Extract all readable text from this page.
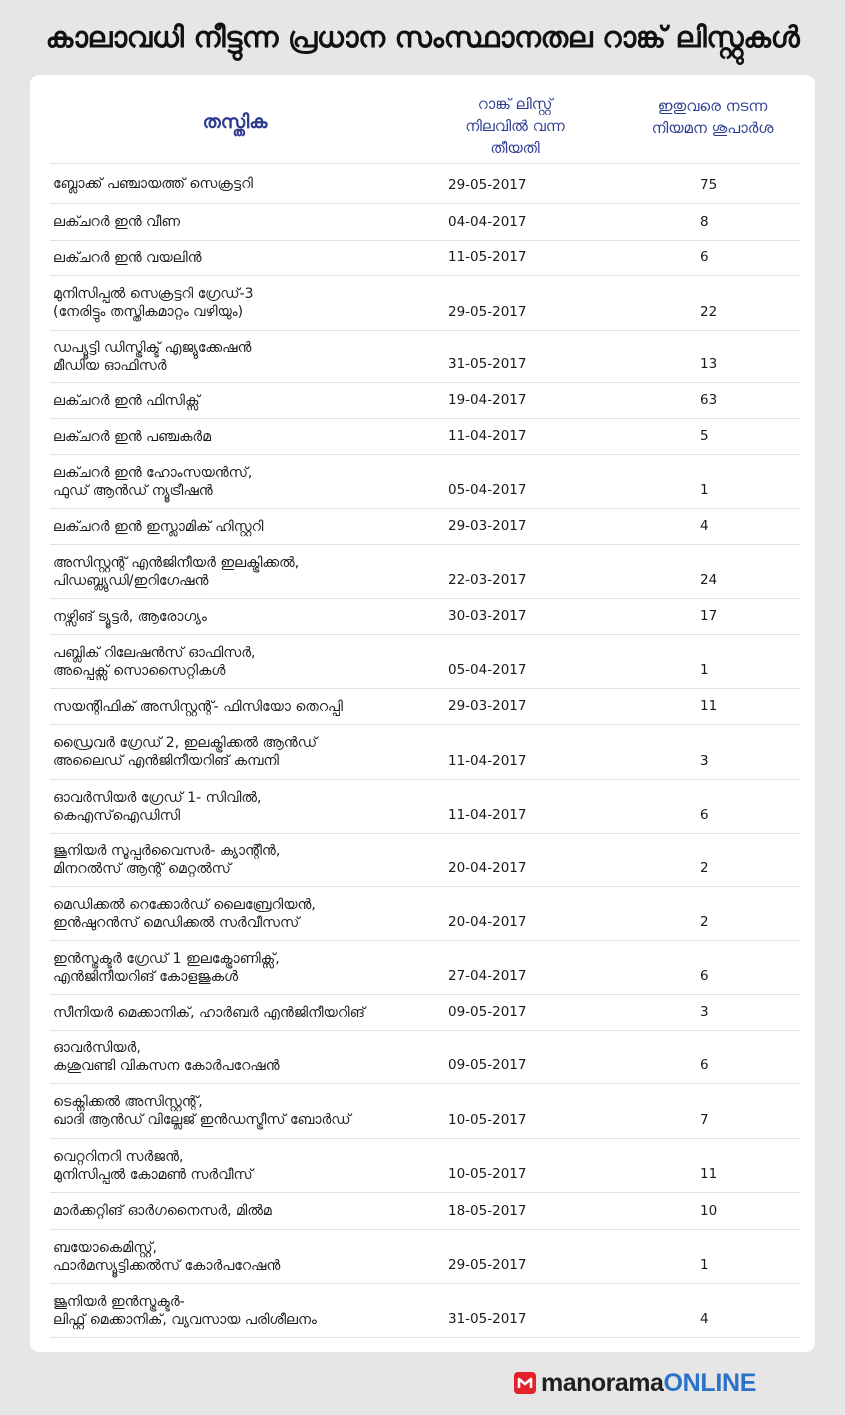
കാലാവധി നീട്ടുന്ന പ്രധാന സംസ്ഥാനതല റാങ്ക് ലിസ്റ്റുകൾ
തസ്തിക
റാങ്ക് ലിസ്റ്റ്
നിലവിൽ വന്ന
തീയതി
ഇതുവരെ നടന്ന
നിയമന ശുപാർശ
ബ്ലോക്ക് പഞ്ചായത്ത് സെക്രട്ടറി	29-05-2017	75
ലക്ചറർ ഇൻ വീണ	04-04-2017	8
ലക്ചറർ ഇൻ വയലിൻ	11-05-2017	6
മുനിസിപ്പൽ സെക്രട്ടറി ഗ്രേഡ്-3
(നേരിട്ടും തസ്തികമാറ്റം വഴിയും)	29-05-2017	22
ഡപ്യൂട്ടി ഡിസ്ട്രിക്ട് എജ്യുക്കേഷൻ
മീഡിയ ഓഫിസർ	31-05-2017	13
ലക്ചറർ ഇൻ ഫിസിക്സ്	19-04-2017	63
ലക്ചറർ ഇൻ പഞ്ചകർമ	11-04-2017	5
ലക്ചറർ ഇൻ ഹോംസയൻസ്,
ഫുഡ് ആൻഡ് ന്യൂട്രീഷൻ	05-04-2017	1
ലക്ചറർ ഇൻ ഇസ്ലാമിക് ഹിസ്റ്ററി	29-03-2017	4
അസിസ്റ്റന്റ് എൻജിനീയർ ഇലക്ട്രിക്കൽ,
പിഡബ്ല്യുഡി/ഇറിഗേഷൻ	22-03-2017	24
നഴ്സിങ് ട്യൂട്ടർ, ആരോഗ്യം	30-03-2017	17
പബ്ലിക് റിലേഷൻസ് ഓഫിസർ,
അപ്പെക്സ് സൊസൈറ്റികൾ	05-04-2017	1
സയന്റിഫിക് അസിസ്റ്റന്റ്- ഫിസിയോ തെറപ്പി	29-03-2017	11
ഡ്രൈവർ ഗ്രേഡ് 2, ഇലക്ട്രിക്കൽ ആൻഡ്
അലൈഡ് എൻജിനീയറിങ് കമ്പനി	11-04-2017	3
ഓവർസിയർ ഗ്രേഡ് 1- സിവിൽ,
കെഎസ്ഐഡിസി	11-04-2017	6
ജൂനിയർ സൂപ്പർവൈസർ- ക്യാന്റീൻ,
മിനറൽസ് ആന്റ് മെറ്റൽസ്	20-04-2017	2
മെഡിക്കൽ റെക്കോർഡ് ലൈബ്രേറിയൻ,
ഇൻഷുറൻസ് മെഡിക്കൽ സർവീസസ്	20-04-2017	2
ഇൻസ്ട്രക്ടർ ഗ്രേഡ് 1 ഇലക്ട്രോണിക്സ്,
എൻജിനീയറിങ് കോളജുകൾ	27-04-2017	6
സീനിയർ മെക്കാനിക്, ഹാർബർ എൻജിനീയറിങ്	09-05-2017	3
ഓവർസിയർ,
കശുവണ്ടി വികസന കോർപറേഷൻ	09-05-2017	6
ടെക്നിക്കൽ അസിസ്റ്റന്റ്,
ഖാദി ആൻഡ് വില്ലേജ് ഇൻഡസ്ട്രീസ് ബോർഡ്	10-05-2017	7
വെറ്ററിനറി സർജൻ,
മുനിസിപ്പൽ കോമൺ സർവീസ്	10-05-2017	11
മാർക്കറ്റിങ് ഓർഗനൈസർ, മിൽമ	18-05-2017	10
ബയോകെമിസ്റ്റ്,
ഫാർമസ്യൂട്ടിക്കൽസ് കോർപറേഷൻ	29-05-2017	1
ജൂനിയർ ഇൻസ്ട്രക്ടർ-
ലിഫ്റ്റ് മെക്കാനിക്, വ്യവസായ പരിശീലനം	31-05-2017	4
manorama ONLINE
